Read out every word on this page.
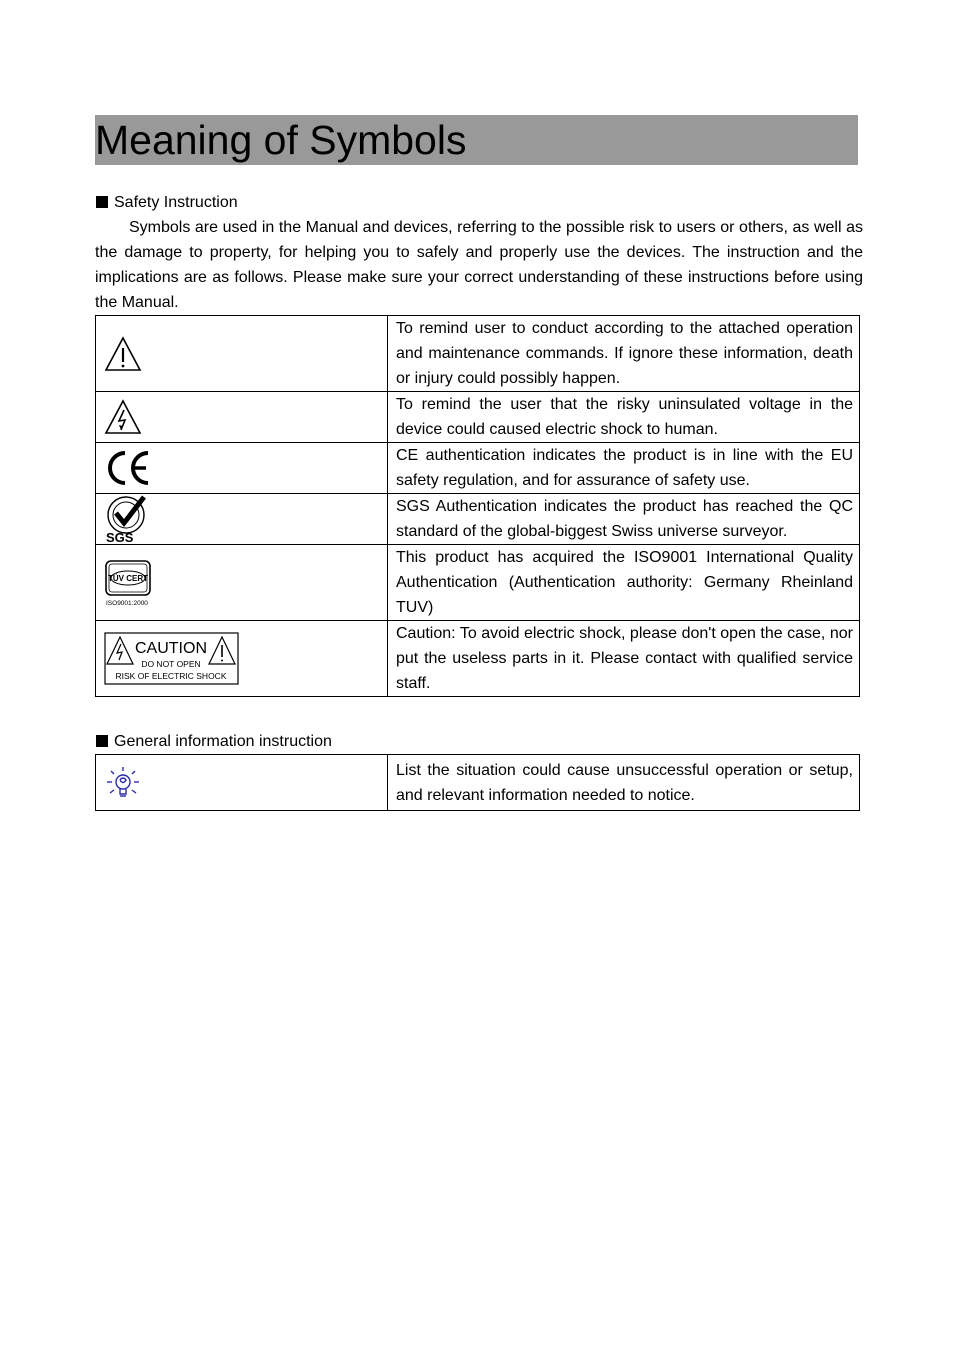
Meaning of Symbols
Safety Instruction

Symbols are used in the Manual and devices, referring to the possible risk to users or others, as well as the damage to property, for helping you to safely and properly use the devices. The instruction and the implications are as follows. Please make sure your correct understanding of these instructions before using the Manual.

	To remind user to conduct according to the attached operation and maintenance commands. If ignore these information, death or injury could possibly happen.

	To remind the user that the risky uninsulated voltage in the device could caused electric shock to human.

	CE authentication indicates the product is in line with the EU safety regulation, and for assurance of safety use.

SGS	SGS Authentication indicates the product has reached the QC standard of the global-biggest Swiss universe surveyor.

TÜV CERT
ISO9001:2000	This product has acquired the ISO9001 International Quality Authentication (Authentication authority: Germany Rheinland TUV)

CAUTION
DO NOT OPEN
RISK OF ELECTRIC SHOCK	Caution: To avoid electric shock, please don't open the case, nor put the useless parts in it. Please contact with qualified service staff.
General information instruction
	List the situation could cause unsuccessful operation or setup, and relevant information needed to notice.
